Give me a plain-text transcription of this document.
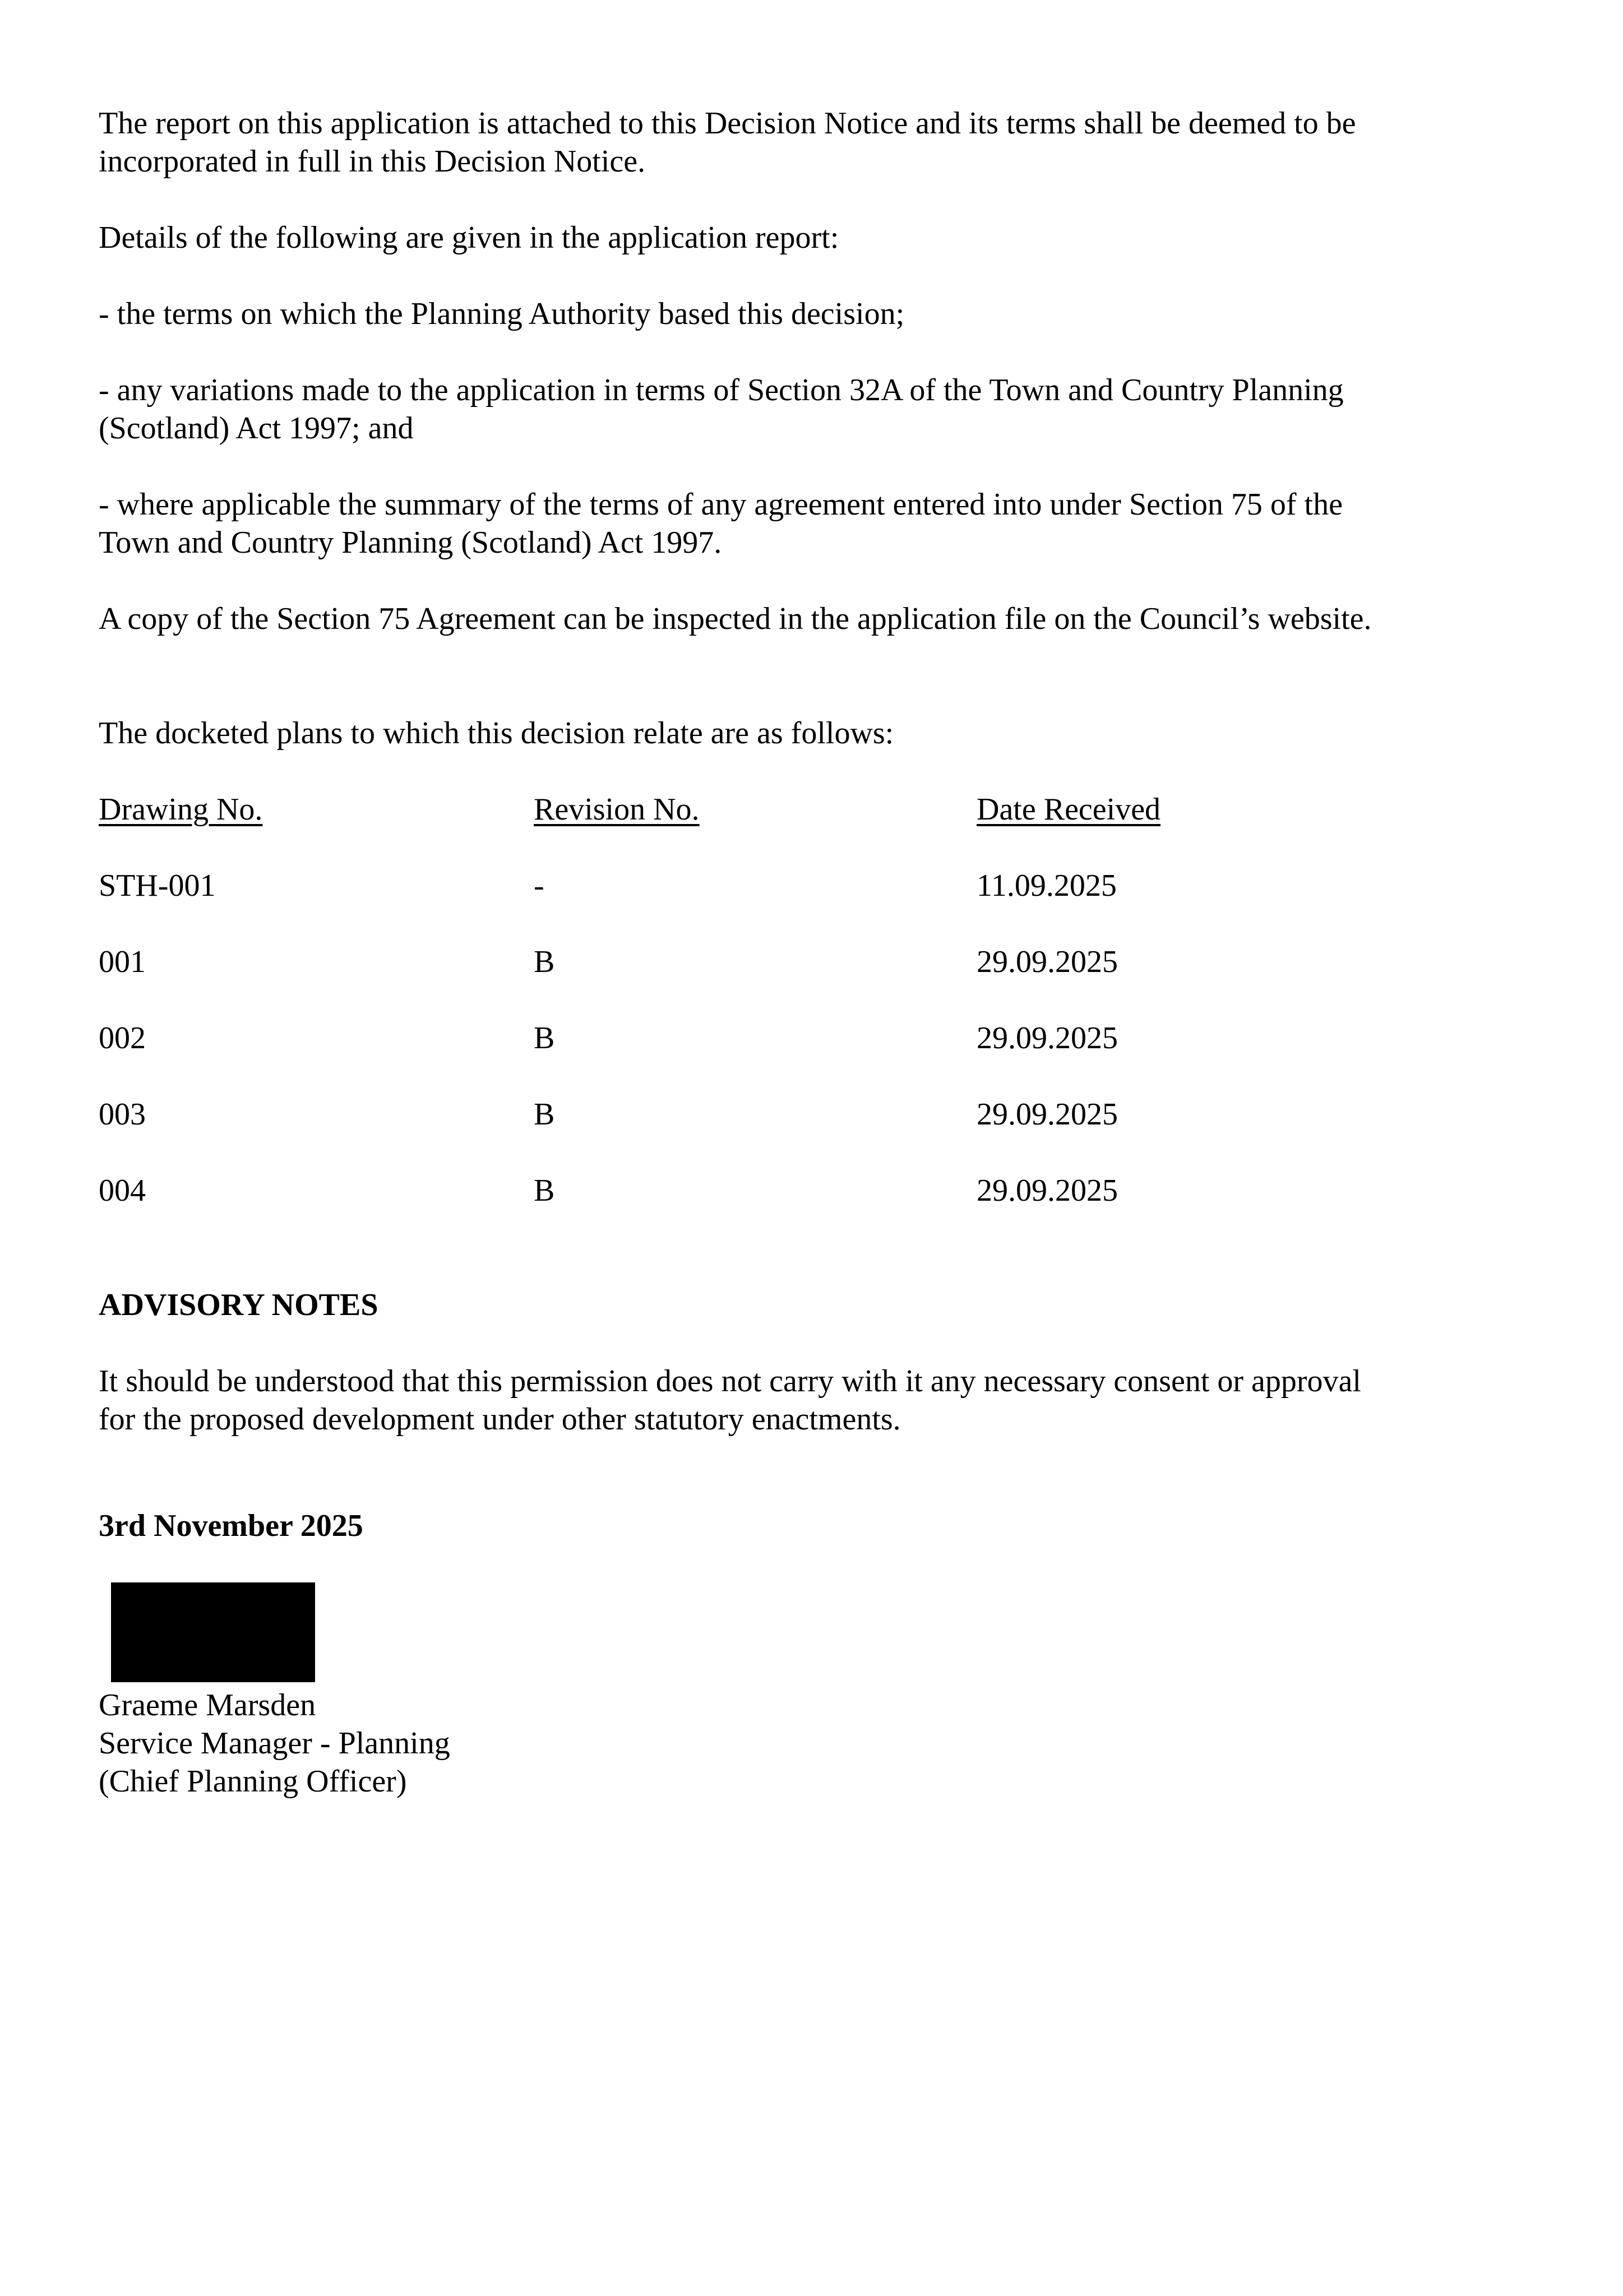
The report on this application is attached to this Decision Notice and its terms shall be deemed to be incorporated in full in this Decision Notice.

Details of the following are given in the application report:

- the terms on which the Planning Authority based this decision;

- any variations made to the application in terms of Section 32A of the Town and Country Planning (Scotland) Act 1997; and

- where applicable the summary of the terms of any agreement entered into under Section 75 of the Town and Country Planning (Scotland) Act 1997.

A copy of the Section 75 Agreement can be inspected in the application file on the Council’s website.

The docketed plans to which this decision relate are as follows:

Drawing No.	Revision No.	Date Received

STH-001	-	11.09.2025

001	B	29.09.2025

002	B	29.09.2025

003	B	29.09.2025

004	B	29.09.2025

ADVISORY NOTES

It should be understood that this permission does not carry with it any necessary consent or approval for the proposed development under other statutory enactments.

3rd November 2025

Graeme Marsden

Service Manager - Planning

(Chief Planning Officer)
